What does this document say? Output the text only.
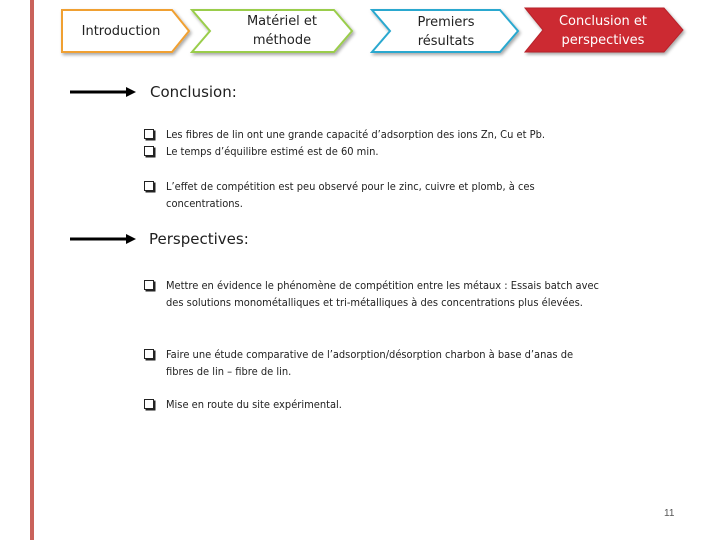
Introduction
Matériel et
méthode
Premiers
résultats
Conclusion et
perspectives
Conclusion:
Les fibres de lin ont une grande capacité d’adsorption des ions Zn, Cu et Pb.
Le temps d’équilibre estimé est de 60 min.
L’effet de compétition est peu observé pour le zinc, cuivre et plomb, à ces concentrations.
Perspectives:
Mettre en évidence le phénomène de compétition entre les métaux : Essais batch avec des solutions monométalliques et tri-métalliques à des concentrations plus élevées.
Faire une étude comparative de l’adsorption/désorption charbon à base d’anas de fibres de lin – fibre de lin.
Mise en route du site expérimental.
11
